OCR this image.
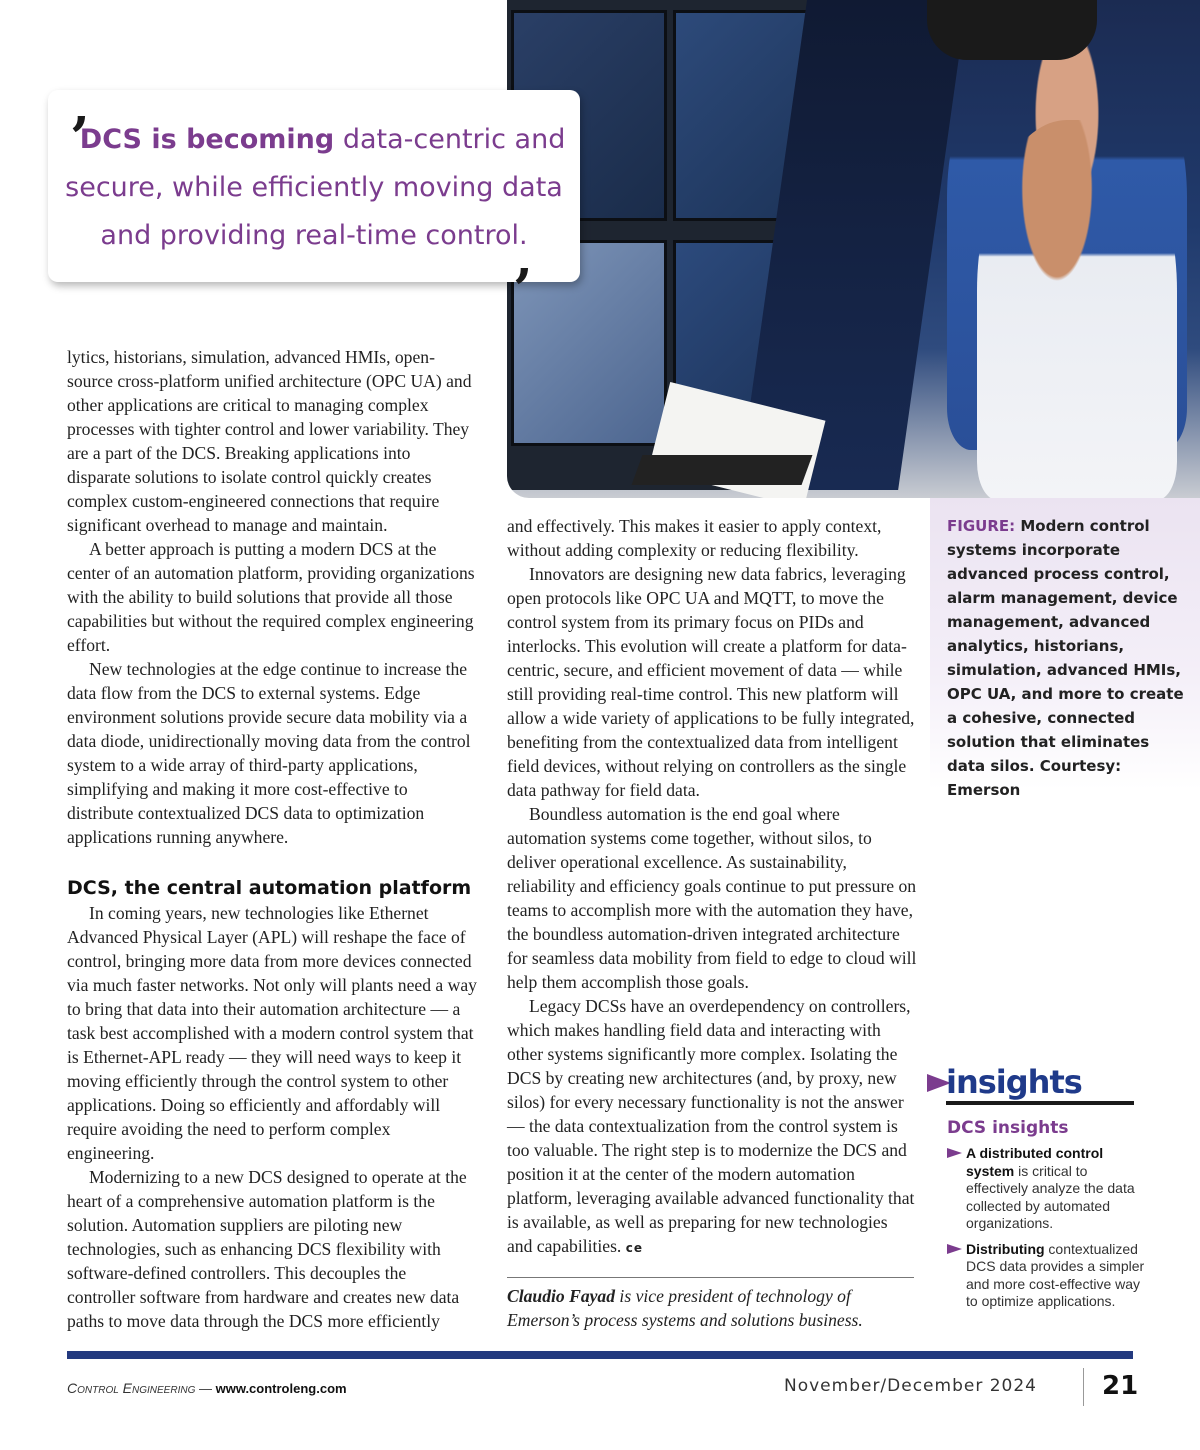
’
DCS is becoming data-centric and secure, while efficiently moving data and providing real-time control.
‚

lytics, historians, simulation, advanced HMIs, open-source cross-platform unified architecture (OPC UA) and other applications are critical to managing complex processes with tighter control and lower variability. They are a part of the DCS. Breaking applications into disparate solutions to isolate control quickly creates complex custom-engineered connections that require significant overhead to manage and maintain.

A better approach is putting a modern DCS at the center of an automation platform, providing organizations with the ability to build solutions that provide all those capabilities but without the required complex engineering effort.

New technologies at the edge continue to increase the data flow from the DCS to external systems. Edge environment solutions provide secure data mobility via a data diode, unidirectionally moving data from the control system to a wide array of third-party applications, simplifying and making it more cost-effective to distribute contextualized DCS data to optimization applications running anywhere.

DCS, the central automation platform

In coming years, new technologies like Ethernet Advanced Physical Layer (APL) will reshape the face of control, bringing more data from more devices connected via much faster networks. Not only will plants need a way to bring that data into their automation architecture — a task best accomplished with a modern control system that is Ethernet-APL ready — they will need ways to keep it moving efficiently through the control system to other applications. Doing so efficiently and affordably will require avoiding the need to perform complex engineering.

Modernizing to a new DCS designed to operate at the heart of a comprehensive automation platform is the solution. Automation suppliers are piloting new technologies, such as enhancing DCS flexibility with software-defined controllers. This decouples the controller software from hardware and creates new data paths to move data through the DCS more efficiently

and effectively. This makes it easier to apply context, without adding complexity or reducing flexibility.

Innovators are designing new data fabrics, leveraging open protocols like OPC UA and MQTT, to move the control system from its primary focus on PIDs and interlocks. This evolution will create a platform for data-centric, secure, and efficient movement of data — while still providing real-time control. This new platform will allow a wide variety of applications to be fully integrated, benefiting from the contextualized data from intelligent field devices, without relying on controllers as the single data pathway for field data.

Boundless automation is the end goal where automation systems come together, without silos, to deliver operational excellence. As sustainability, reliability and efficiency goals continue to put pressure on teams to accomplish more with the automation they have, the boundless automation-driven integrated architecture for seamless data mobility from field to edge to cloud will help them accomplish those goals.

Legacy DCSs have an overdependency on controllers, which makes handling field data and interacting with other systems significantly more complex. Isolating the DCS by creating new architectures (and, by proxy, new silos) for every necessary functionality is not the answer — the data contextualization from the control system is too valuable. The right step is to modernize the DCS and position it at the center of the modern automation platform, leveraging available advanced functionality that is available, as well as preparing for new technologies and capabilities. ce

Claudio Fayad is vice president of technology of Emerson’s process systems and solutions business.
FIGURE: Modern control systems incorporate advanced process control, alarm management, device management, advanced analytics, historians, simulation, advanced HMIs, OPC UA, and more to create a cohesive, connected solution that eliminates data silos. Courtesy: Emerson
insights
DCS insights
A distributed control system is critical to effectively analyze the data collected by automated organizations.
Distributing contextualized DCS data provides a simpler and more cost-effective way to optimize applications.
Control Engineering — www.controleng.com	November/December 2024	21
